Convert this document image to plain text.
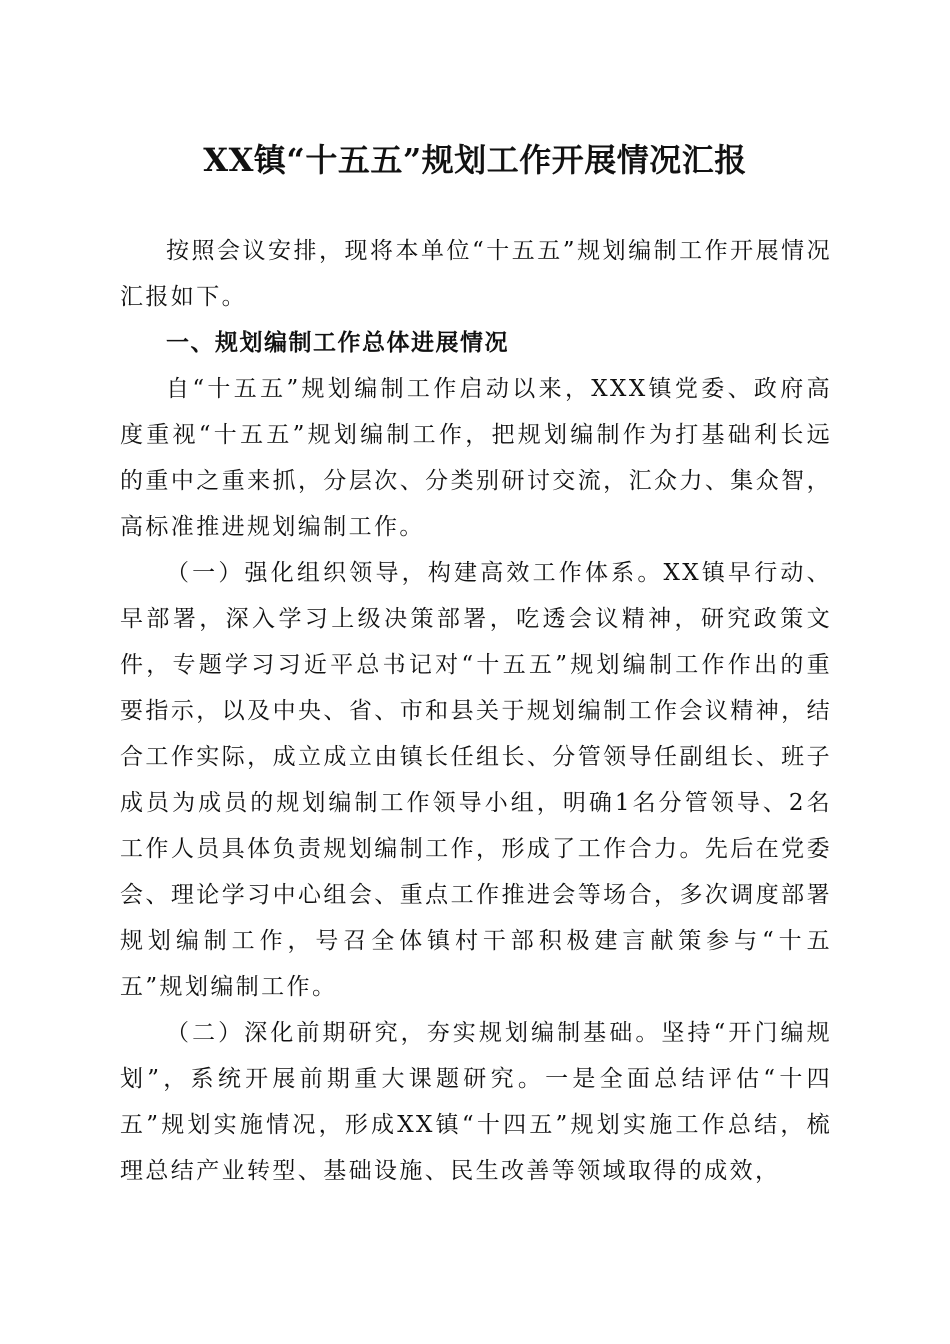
XX镇“十五五”规划工作开展情况汇报

按照会议安排，现将本单位“十五五”规划编制工作开展情况汇报如下。

一、规划编制工作总体进展情况

自“十五五”规划编制工作启动以来，XXX镇党委、政府高度重视“十五五”规划编制工作，把规划编制作为打基础利长远的重中之重来抓，分层次、分类别研讨交流，汇众力、集众智，高标准推进规划编制工作。

（一）强化组织领导，构建高效工作体系。XX镇早行动、早部署，深入学习上级决策部署，吃透会议精神，研究政策文件，专题学习习近平总书记对“十五五”规划编制工作作出的重要指示，以及中央、省、市和县关于规划编制工作会议精神，结合工作实际，成立成立由镇长任组长、分管领导任副组长、班子成员为成员的规划编制工作领导小组，明确1名分管领导、2名工作人员具体负责规划编制工作，形成了工作合力。先后在党委会、理论学习中心组会、重点工作推进会等场合，多次调度部署规划编制工作，号召全体镇村干部积极建言献策参与“十五五”规划编制工作。

（二）深化前期研究，夯实规划编制基础。坚持“开门编规划”，系统开展前期重大课题研究。一是全面总结评估“十四五”规划实施情况，形成XX镇“十四五”规划实施工作总结，梳理总结产业转型、基础设施、民生改善等领域取得的成效，
